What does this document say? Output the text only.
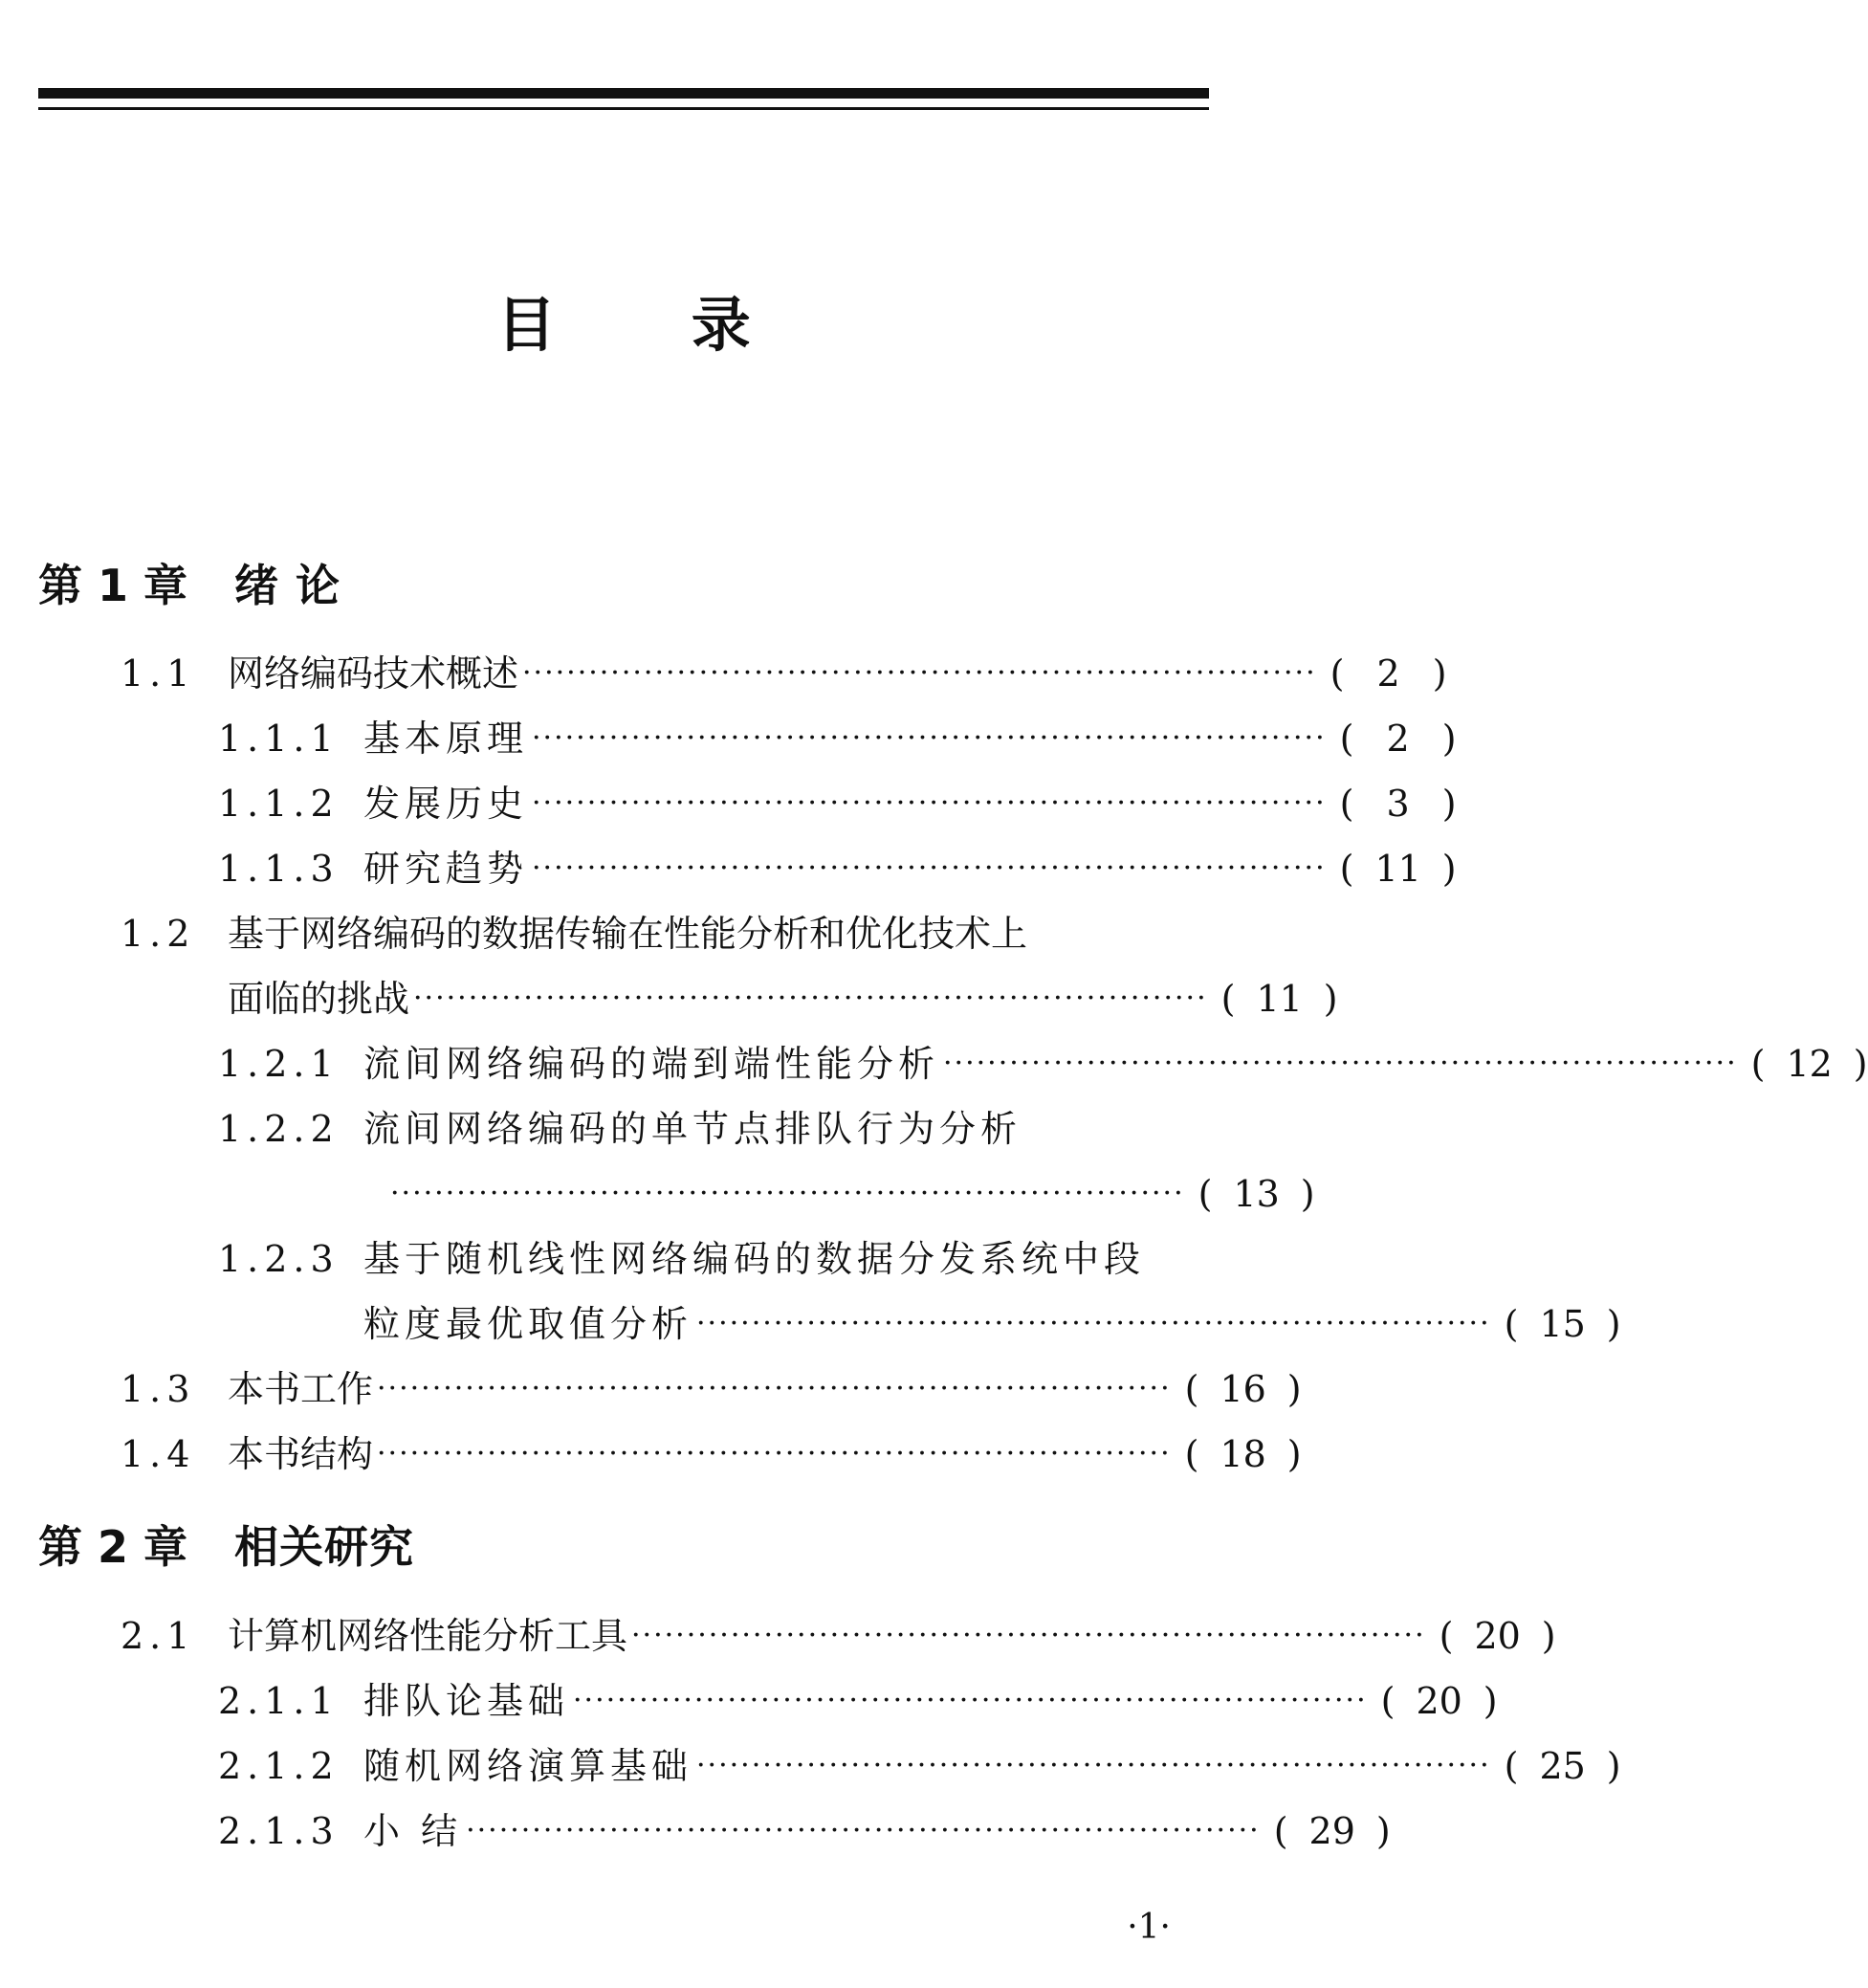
目 录
第 1 章 绪 论
1.1 网络编码技术概述 ········································································ ( 2 )
1.1.1 基本原理 ········································································ ( 2 )
1.1.2 发展历史 ········································································ ( 3 )
1.1.3 研究趋势 ········································································ ( 11 )
1.2 基于网络编码的数据传输在性能分析和优化技术上
面临的挑战 ········································································ ( 11 )
1.2.1 流间网络编码的端到端性能分析 ········································································ ( 12 )
1.2.2 流间网络编码的单节点排队行为分析
········································································ ( 13 )
1.2.3 基于随机线性网络编码的数据分发系统中段
粒度最优取值分析 ········································································ ( 15 )
1.3 本书工作 ········································································ ( 16 )
1.4 本书结构 ········································································ ( 18 )
第 2 章 相关研究
2.1 计算机网络性能分析工具 ········································································ ( 20 )
2.1.1 排队论基础 ········································································ ( 20 )
2.1.2 随机网络演算基础 ········································································ ( 25 )
2.1.3 小 结 ········································································ ( 29 )
·1·
